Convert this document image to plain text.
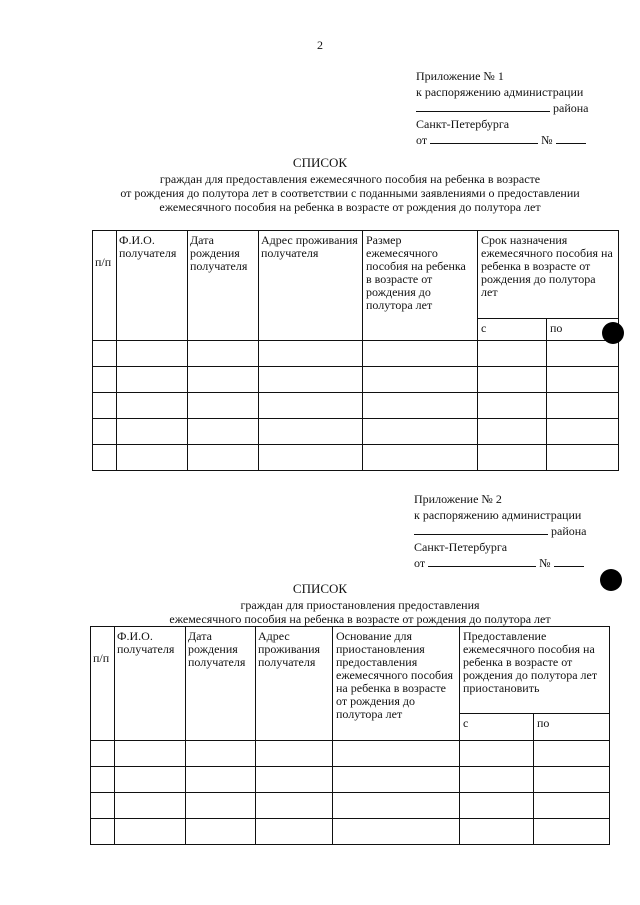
2
Приложение № 1
к распоряжению администрации
района
Санкт-Петербурга
от	№
СПИСОК
граждан для предоставления ежемесячного пособия на ребенка в возрасте
от рождения до полутора лет в соответствии с поданными заявлениями о предоставлении
ежемесячного пособия на ребенка в возрасте от рождения до полутора лет
п/п	Ф.И.О. получателя	Дата рождения получателя	Адрес проживания получателя	Размер ежемесячного пособия на ребенка в возрасте от рождения до полутора лет	Срок назначения ежемесячного пособия на ребенка в возрасте от рождения до полутора лет	
					с	по

Приложение № 2
к распоряжению администрации
района
Санкт-Петербурга
от	№
СПИСОК
граждан для приостановления предоставления
ежемесячного пособия на ребенка в возрасте от рождения до полутора лет
п/п	Ф.И.О. получателя	Дата рождения получателя	Адрес проживания получателя	Основание для приостановления предоставления ежемесячного пособия на ребенка в возрасте от рождения до полутора лет	Предоставление ежемесячного пособия на ребенка в возрасте от рождения до полутора лет приостановить	
					с	по
